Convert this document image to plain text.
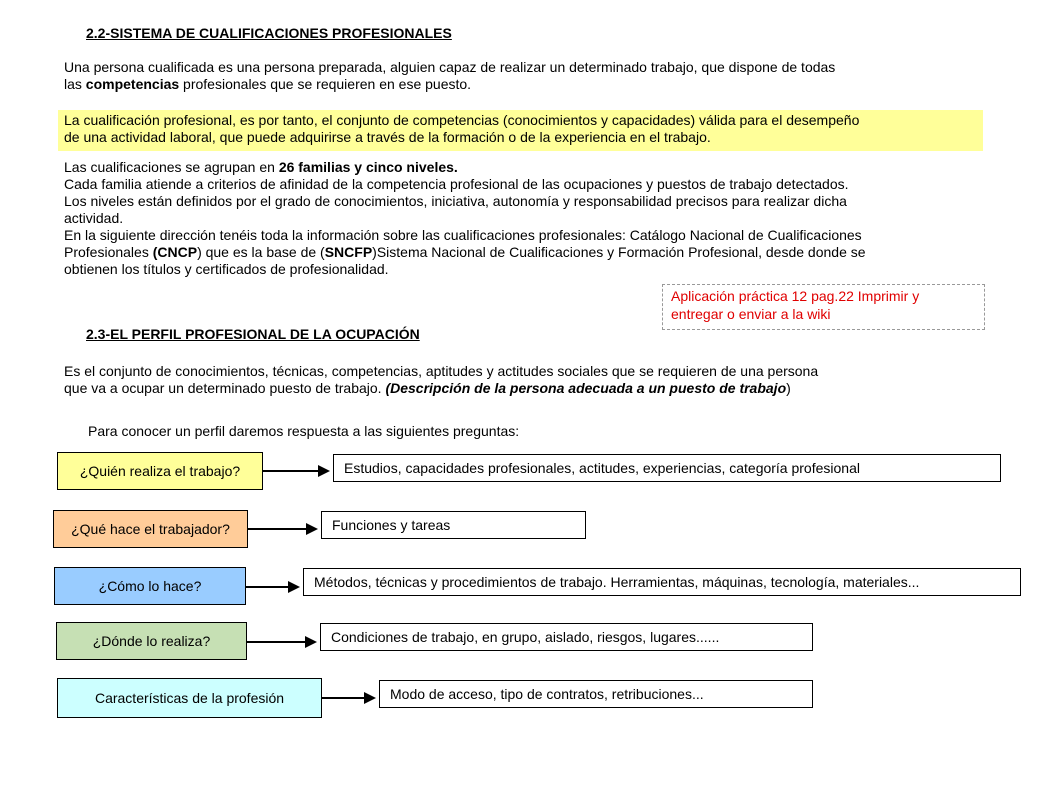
2.2-SISTEMA DE CUALIFICACIONES PROFESIONALES
Una persona cualificada es una persona preparada, alguien capaz de realizar un determinado trabajo, que dispone de todas
las competencias profesionales que se requieren en ese puesto.
La cualificación profesional, es por tanto, el conjunto de competencias (conocimientos y capacidades) válida para el desempeño
de una actividad laboral, que puede adquirirse a través de la formación o de la experiencia en el trabajo.
Las cualificaciones se agrupan en 26 familias y cinco niveles.
Cada familia atiende a criterios de afinidad de la competencia profesional de las ocupaciones y puestos de trabajo detectados.
Los niveles están definidos por el grado de conocimientos, iniciativa, autonomía y responsabilidad precisos para realizar dicha
actividad.
En la siguiente dirección tenéis toda la información sobre las cualificaciones profesionales: Catálogo Nacional de Cualificaciones
Profesionales (CNCP) que es la base de (SNCFP)Sistema Nacional de Cualificaciones y Formación Profesional, desde donde se
obtienen los títulos y certificados de profesionalidad.
Aplicación práctica 12 pag.22 Imprimir y
entregar o enviar a la wiki
2.3-EL PERFIL PROFESIONAL DE LA OCUPACIÓN
Es el conjunto de conocimientos, técnicas, competencias, aptitudes y actitudes sociales que se requieren de una persona
que va a ocupar un determinado puesto de trabajo. (Descripción de la persona adecuada a un puesto de trabajo)
Para conocer un perfil daremos respuesta a las siguientes preguntas:
¿Quién realiza el trabajo?	Estudios, capacidades profesionales, actitudes, experiencias, categoría profesional
¿Qué hace el trabajador?	Funciones y tareas
¿Cómo lo hace?	Métodos, técnicas y procedimientos de trabajo. Herramientas, máquinas, tecnología, materiales...
¿Dónde lo realiza?	Condiciones de trabajo, en grupo, aislado, riesgos, lugares......
Características de la profesión	Modo de acceso, tipo de contratos, retribuciones...
